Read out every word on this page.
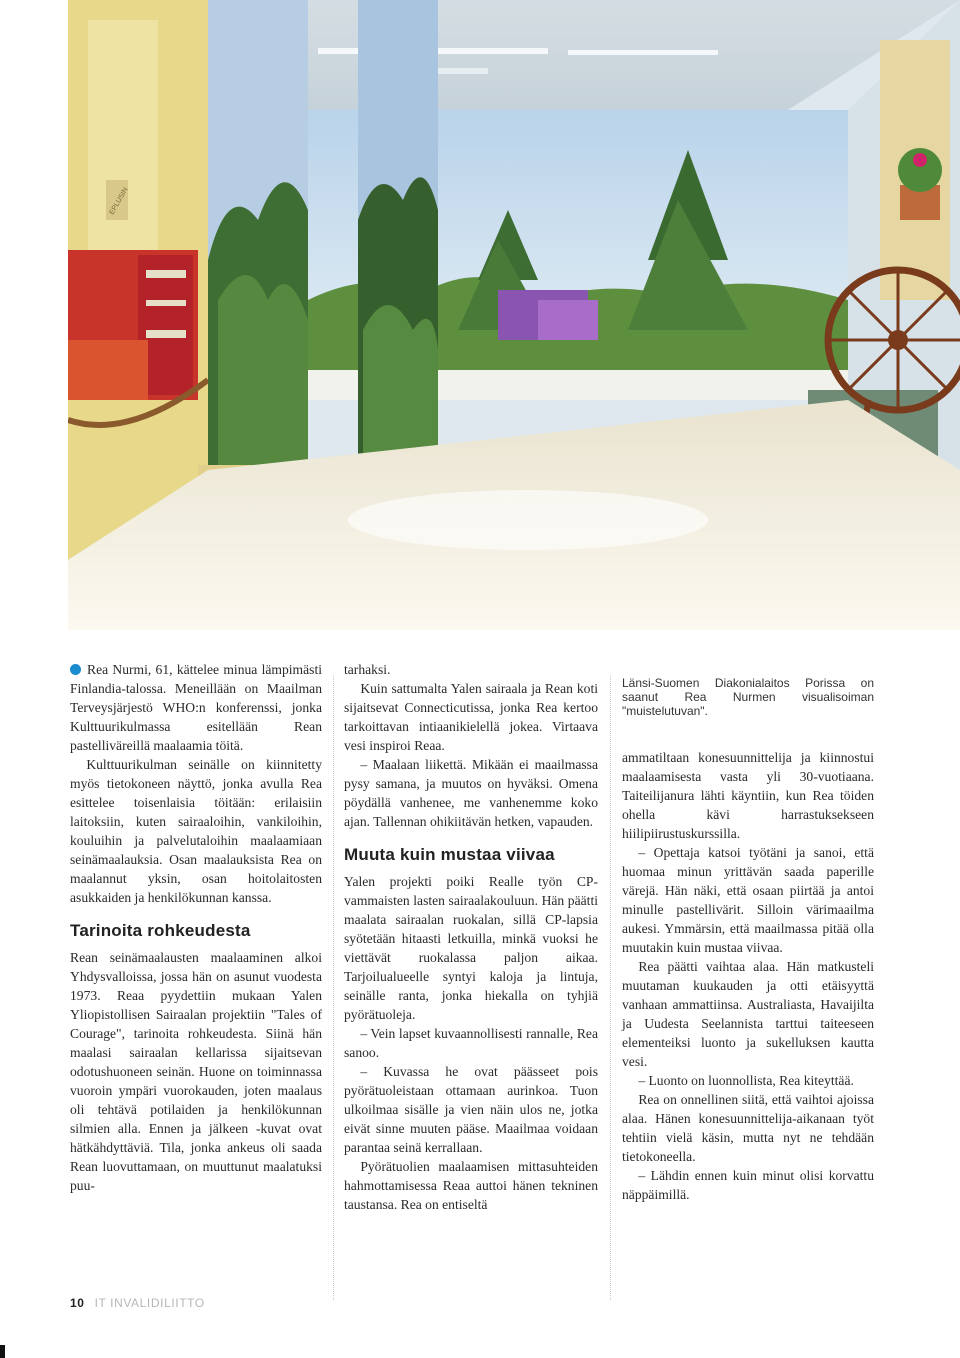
EPLUSIN

Rea Nurmi, 61, kättelee minua lämpimästi Finlandia-talossa. Meneillään on Maailman Terveysjärjestö WHO:n konferenssi, jonka Kulttuurikulmassa esitellään Rean pastelliväreillä maalaamia töitä.

Kulttuurikulman seinälle on kiinnitetty myös tietokoneen näyttö, jonka avulla Rea esittelee toisenlaisia töitään: erilaisiin laitoksiin, kuten sairaaloihin, vankiloihin, kouluihin ja palvelutaloihin maalaamiaan seinämaalauksia. Osan maalauksista Rea on maalannut yksin, osan hoitolaitosten asukkaiden ja henkilökunnan kanssa.

Tarinoita rohkeudesta

Rean seinämaalausten maalaaminen alkoi Yhdysvalloissa, jossa hän on asunut vuodesta 1973. Reaa pyydettiin mukaan Yalen Yliopistollisen Sairaalan projektiin "Tales of Courage", tarinoita rohkeudesta. Siinä hän maalasi sairaalan kellarissa sijaitsevan odotushuoneen seinän. Huone on toiminnassa vuoroin ympäri vuorokauden, joten maalaus oli tehtävä potilaiden ja henkilökunnan silmien alla. Ennen ja jälkeen -kuvat ovat hätkähdyttäviä. Tila, jonka ankeus oli saada Rean luovuttamaan, on muuttunut maalatuksi puu-

tarhaksi.

Kuin sattumalta Yalen sairaala ja Rean koti sijaitsevat Connecticutissa, jonka Rea kertoo tarkoittavan intiaanikielellä jokea. Virtaava vesi inspiroi Reaa.

– Maalaan liikettä. Mikään ei maailmassa pysy samana, ja muutos on hyväksi. Omena pöydällä vanhenee, me vanhenemme koko ajan. Tallennan ohikiitävän hetken, vapauden.

Muuta kuin mustaa viivaa

Yalen projekti poiki Realle työn CP-vammaisten lasten sairaalakouluun. Hän päätti maalata sairaalan ruokalan, sillä CP-lapsia syötetään hitaasti letkuilla, minkä vuoksi he viettävät ruokalassa paljon aikaa. Tarjoilualueelle syntyi kaloja ja lintuja, seinälle ranta, jonka hiekalla on tyhjiä pyörätuoleja.

– Vein lapset kuvaannollisesti rannalle, Rea sanoo.

– Kuvassa he ovat päässeet pois pyörätuoleistaan ottamaan aurinkoa. Tuon ulkoilmaa sisälle ja vien näin ulos ne, jotka eivät sinne muuten pääse. Maailmaa voidaan parantaa seinä kerrallaan.

Pyörätuolien maalaamisen mittasuhteiden hahmottamisessa Reaa auttoi hänen tekninen taustansa. Rea on entiseltä

Länsi-Suomen Diakonialaitos Porissa on saanut Rea Nurmen visualisoiman "muistelutuvan".

ammatiltaan konesuunnittelija ja kiinnostui maalaamisesta vasta yli 30-vuotiaana. Taiteilijanura lähti käyntiin, kun Rea töiden ohella kävi harrastuksekseen hiilipiirustuskurssilla.

– Opettaja katsoi työtäni ja sanoi, että huomaa minun yrittävän saada paperille värejä. Hän näki, että osaan piirtää ja antoi minulle pastellivärit. Silloin värimaailma aukesi. Ymmärsin, että maailmassa pitää olla muutakin kuin mustaa viivaa.

Rea päätti vaihtaa alaa. Hän matkusteli muutaman kuukauden ja otti etäisyyttä vanhaan ammattiinsa. Australiasta, Havaijilta ja Uudesta Seelannista tarttui taiteeseen elementeiksi luonto ja sukelluksen kautta vesi.

– Luonto on luonnollista, Rea kiteyttää.

Rea on onnellinen siitä, että vaihtoi ajoissa alaa. Hänen konesuunnittelija-aikanaan työt tehtiin vielä käsin, mutta nyt ne tehdään tietokoneella.

– Lähdin ennen kuin minut olisi korvattu näppäimillä.

10 IT INVALIDILIITTO
